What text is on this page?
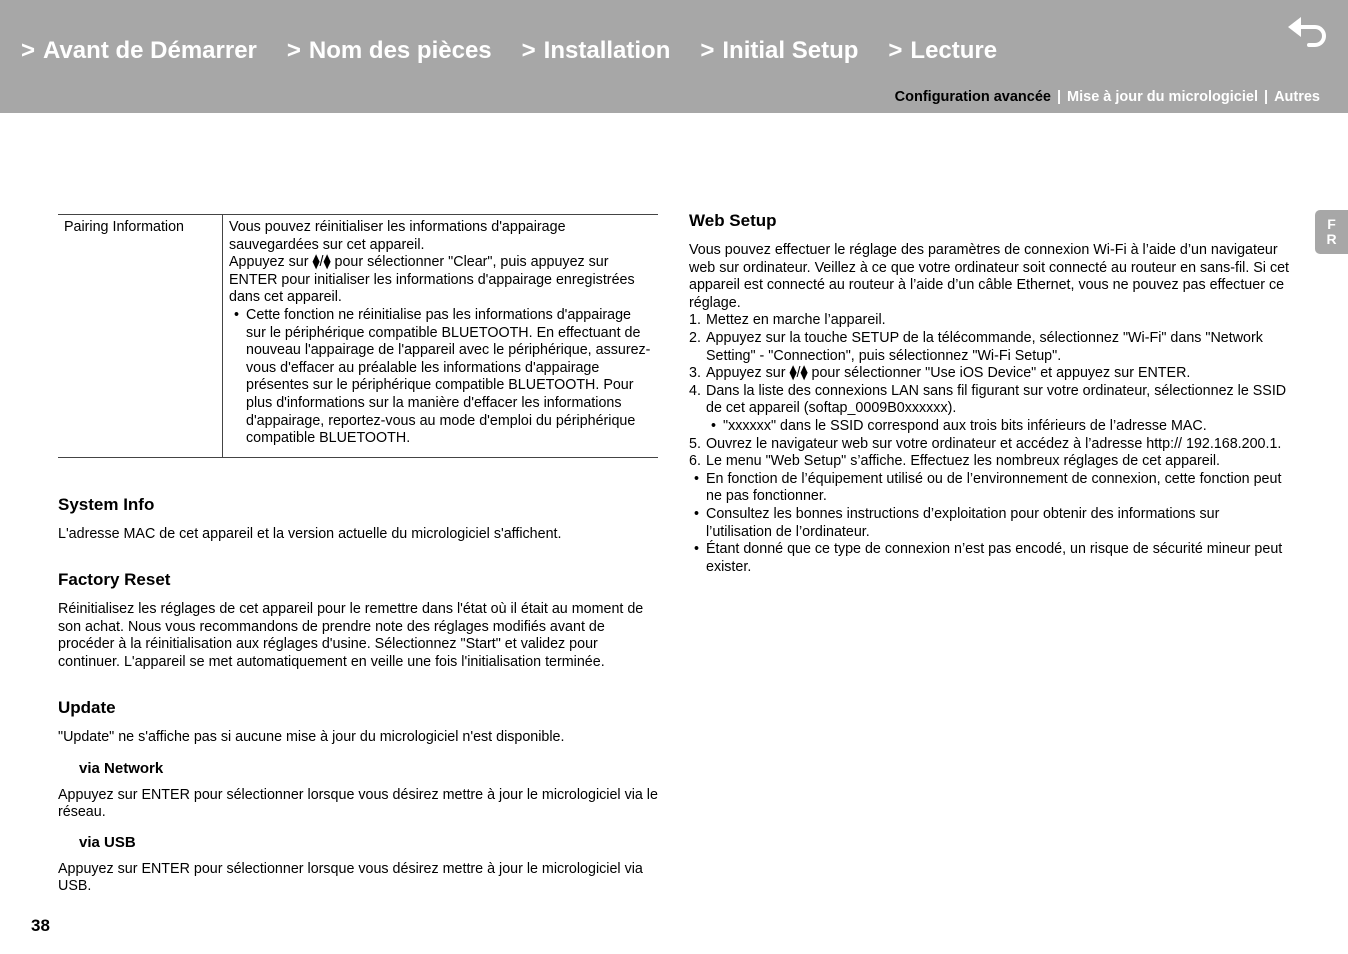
> Avant de Démarrer > Nom des pièces > Installation > Initial Setup > Lecture
Configuration avancée | Mise à jour du micrologiciel | Autres
F
R
Pairing Information	Vous pouvez réinitialiser les informations d'appairage sauvegardées sur cet appareil.

Appuyez sur ⧫/⧫ pour sélectionner "Clear", puis appuyez sur ENTER pour initialiser les informations d'appairage enregistrées dans cet appareil.

• Cette fonction ne réinitialise pas les informations d'appairage sur le périphérique compatible BLUETOOTH. En effectuant de nouveau l'appairage de l'appareil avec le périphérique, assurez-vous d'effacer au préalable les informations d'appairage présentes sur le périphérique compatible BLUETOOTH. Pour plus d'informations sur la manière d'effacer les informations d'appairage, reportez-vous au mode d'emploi du périphérique compatible BLUETOOTH.
System Info

L'adresse MAC de cet appareil et la version actuelle du micrologiciel s'affichent.

Factory Reset

Réinitialisez les réglages de cet appareil pour le remettre dans l'état où il était au moment de son achat. Nous vous recommandons de prendre note des réglages modifiés avant de procéder à la réinitialisation aux réglages d'usine. Sélectionnez "Start" et validez pour continuer. L'appareil se met automatiquement en veille une fois l'initialisation terminée.

Update

"Update" ne s'affiche pas si aucune mise à jour du micrologiciel n'est disponible.

via Network

Appuyez sur ENTER pour sélectionner lorsque vous désirez mettre à jour le micrologiciel via le réseau.

via USB

Appuyez sur ENTER pour sélectionner lorsque vous désirez mettre à jour le micrologiciel via USB.

Web Setup

Vous pouvez effectuer le réglage des paramètres de connexion Wi-Fi à l’aide d’un navigateur web sur ordinateur. Veillez à ce que votre ordinateur soit connecté au routeur en sans-fil. Si cet appareil est connecté au routeur à l’aide d’un câble Ethernet, vous ne pouvez pas effectuer ce réglage.

1. Mettez en marche l’appareil.
2. Appuyez sur la touche SETUP de la télécommande, sélectionnez "Wi-Fi" dans "Network Setting" - "Connection", puis sélectionnez "Wi-Fi Setup".
3. Appuyez sur ⧫/⧫ pour sélectionner "Use iOS Device" et appuyez sur ENTER.
4. Dans la liste des connexions LAN sans fil figurant sur votre ordinateur, sélectionnez le SSID de cet appareil (softap_0009B0xxxxxx).
• "xxxxxx" dans le SSID correspond aux trois bits inférieurs de l’adresse MAC.
5. Ouvrez le navigateur web sur votre ordinateur et accédez à l’adresse http:// 192.168.200.1.
6. Le menu "Web Setup" s’affiche. Effectuez les nombreux réglages de cet appareil.
• En fonction de l’équipement utilisé ou de l’environnement de connexion, cette fonction peut ne pas fonctionner.
• Consultez les bonnes instructions d’exploitation pour obtenir des informations sur l’utilisation de l’ordinateur.
• Étant donné que ce type de connexion n’est pas encodé, un risque de sécurité mineur peut exister.
38
